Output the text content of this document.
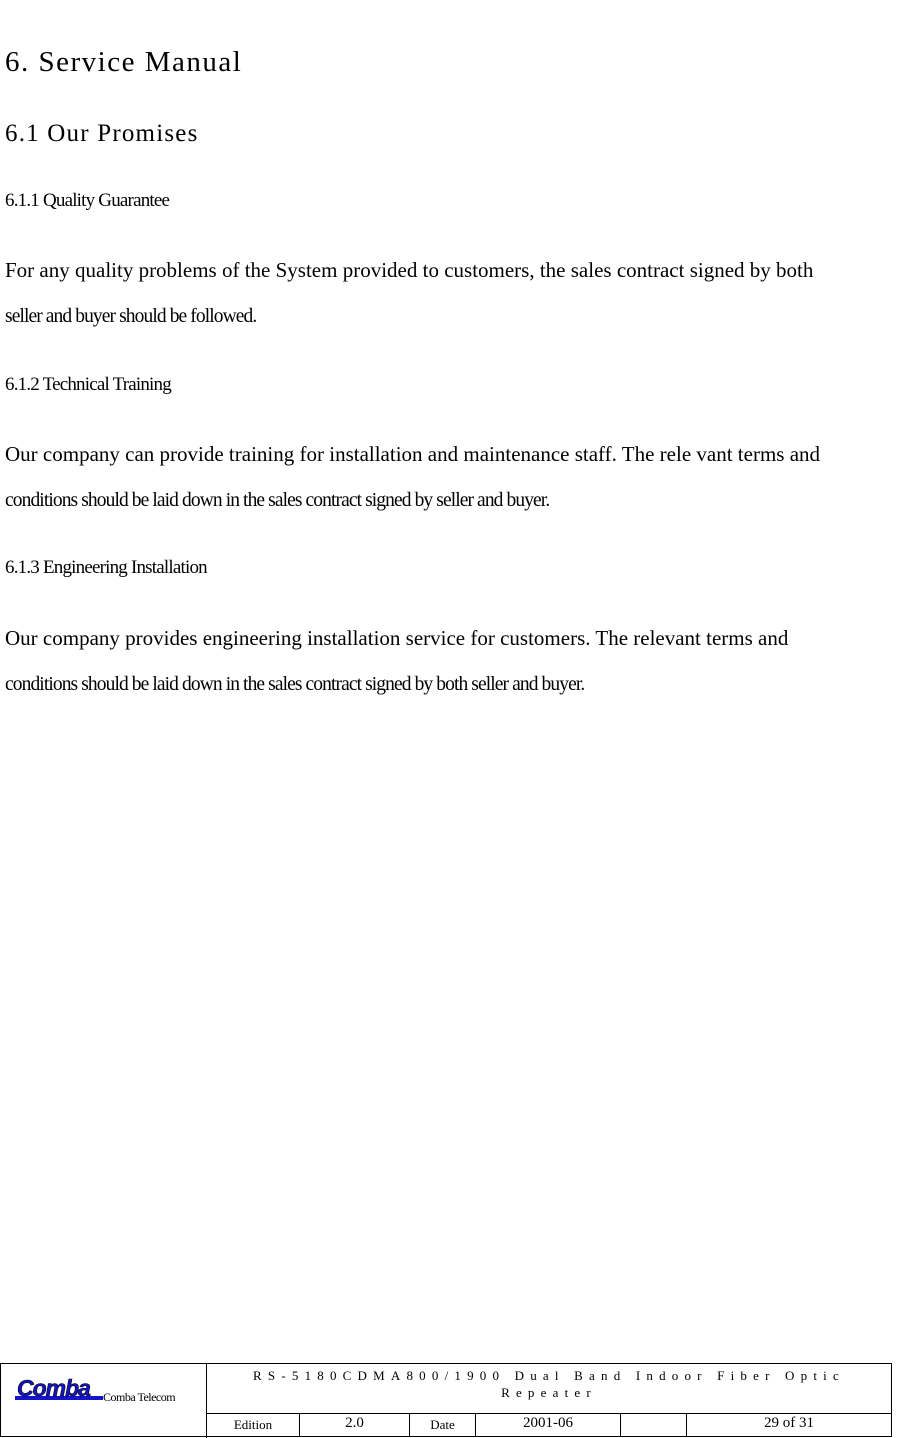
6. Service Manual
6.1 Our Promises
6.1.1 Quality Guarantee

For any quality problems of the System provided to customers, the sales contract signed by both
seller and buyer should be followed.

6.1.2 Technical Training

Our company can provide training for installation and maintenance staff. The rele vant terms and
conditions should be laid down in the sales contract signed by seller and buyer.

6.1.3 Engineering Installation

Our company provides engineering installation service for customers. The relevant terms and
conditions should be laid down in the sales contract signed by both seller and buyer.

Comba Comba Telecom
RS-5180CDMA800/1900 Dual Band Indoor Fiber Optic
Repeater
Edition	2.0	Date	2001-06	29 of 31
